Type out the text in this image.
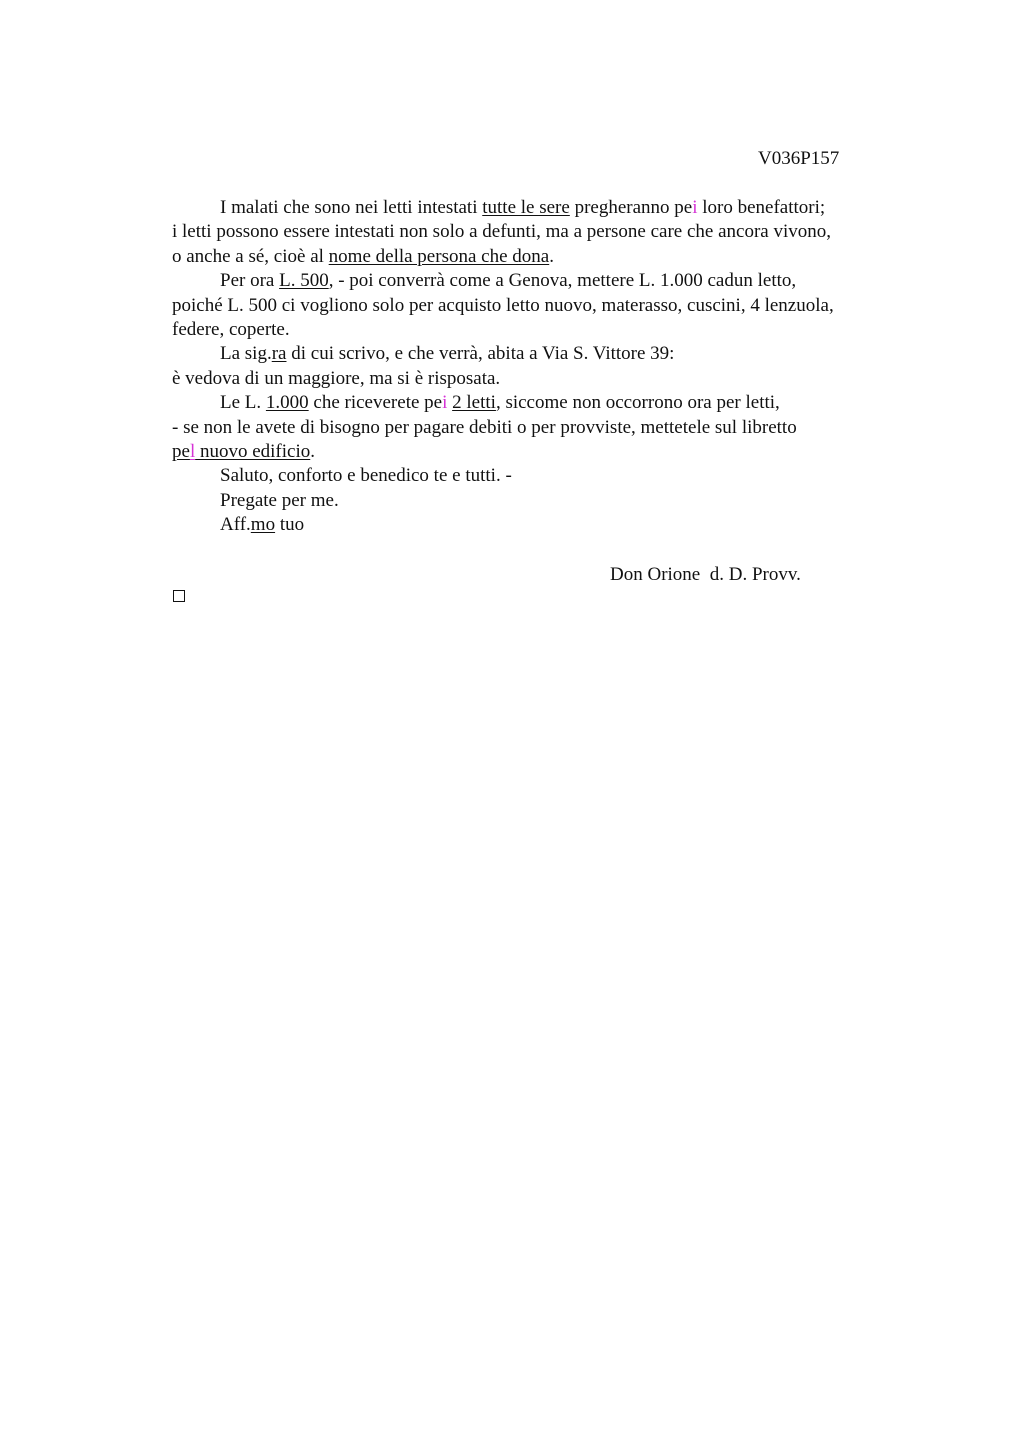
V036P157
I malati che sono nei letti intestati tutte le sere pregheranno pei loro benefattori;
i letti possono essere intestati non solo a defunti, ma a persone care che ancora vivono,
o anche a sé, cioè al nome della persona che dona.
Per ora L. 500, - poi converrà come a Genova, mettere L. 1.000 cadun letto,
poiché L. 500 ci vogliono solo per acquisto letto nuovo, materasso, cuscini, 4 lenzuola,
federe, coperte.
La sig.ra di cui scrivo, e che verrà, abita a Via S. Vittore 39:
è vedova di un maggiore, ma si è risposata.
Le L. 1.000 che riceverete pei 2 letti, siccome non occorrono ora per letti,
- se non le avete di bisogno per pagare debiti o per provviste, mettetele sul libretto
pel nuovo edificio.
Saluto, conforto e benedico te e tutti. -
Pregate per me.
Aff.mo tuo
Don Orione  d. D. Provv.
